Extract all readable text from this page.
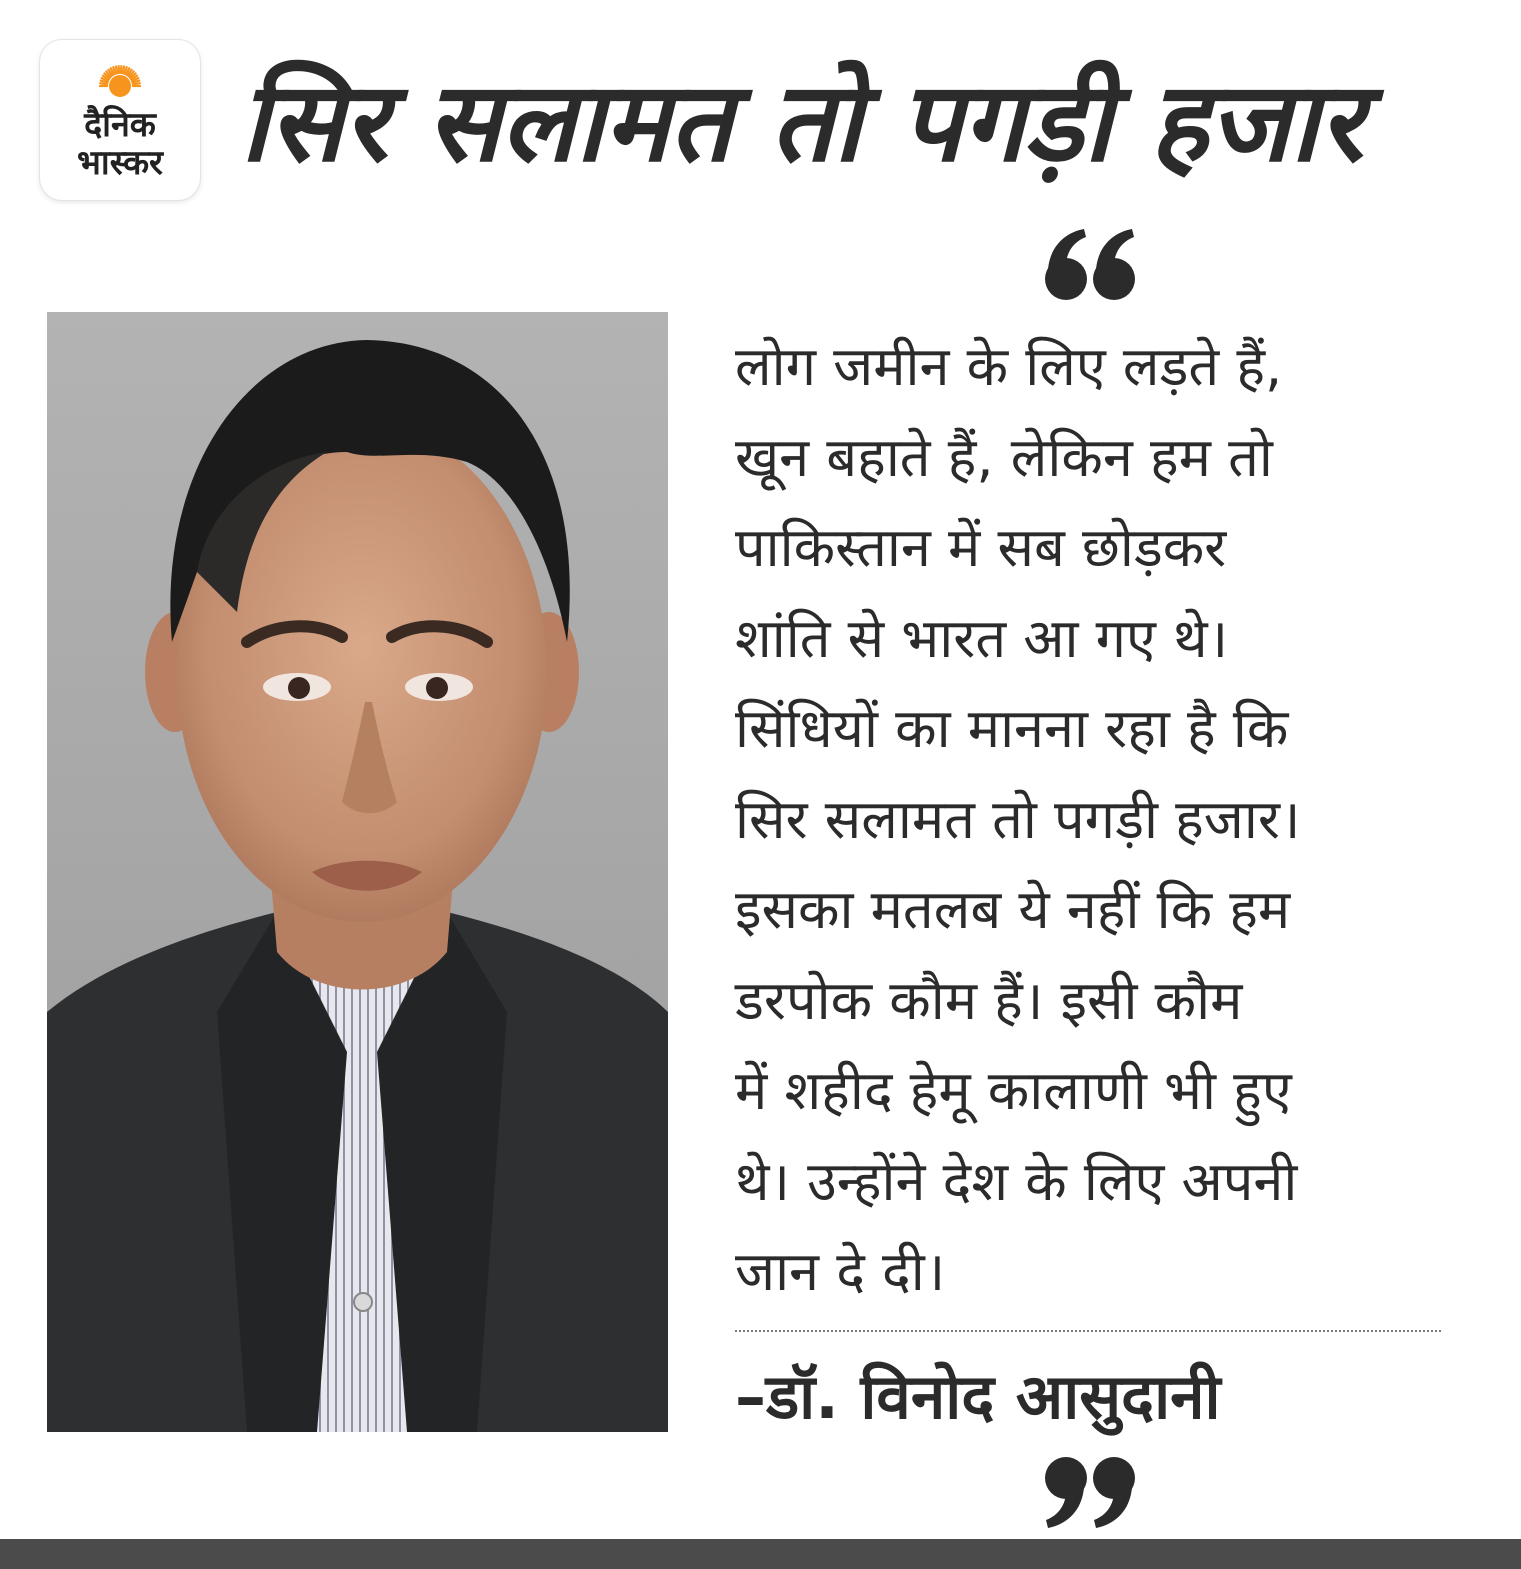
दैनिक
भास्कर सिर सलामत तो पगड़ी हजार
लोग जमीन के लिए लड़ते हैं,
खून बहाते हैं, लेकिन हम तो
पाकिस्तान में सब छोड़कर
शांति से भारत आ गए थे।
सिंधियों का मानना रहा है कि
सिर सलामत तो पगड़ी हजार।
इसका मतलब ये नहीं कि हम
डरपोक कौम हैं। इसी कौम
में शहीद हेमू कालाणी भी हुए
थे। उन्होंने देश के लिए अपनी
जान दे दी।
–डॉ. विनोद आसुदानी
